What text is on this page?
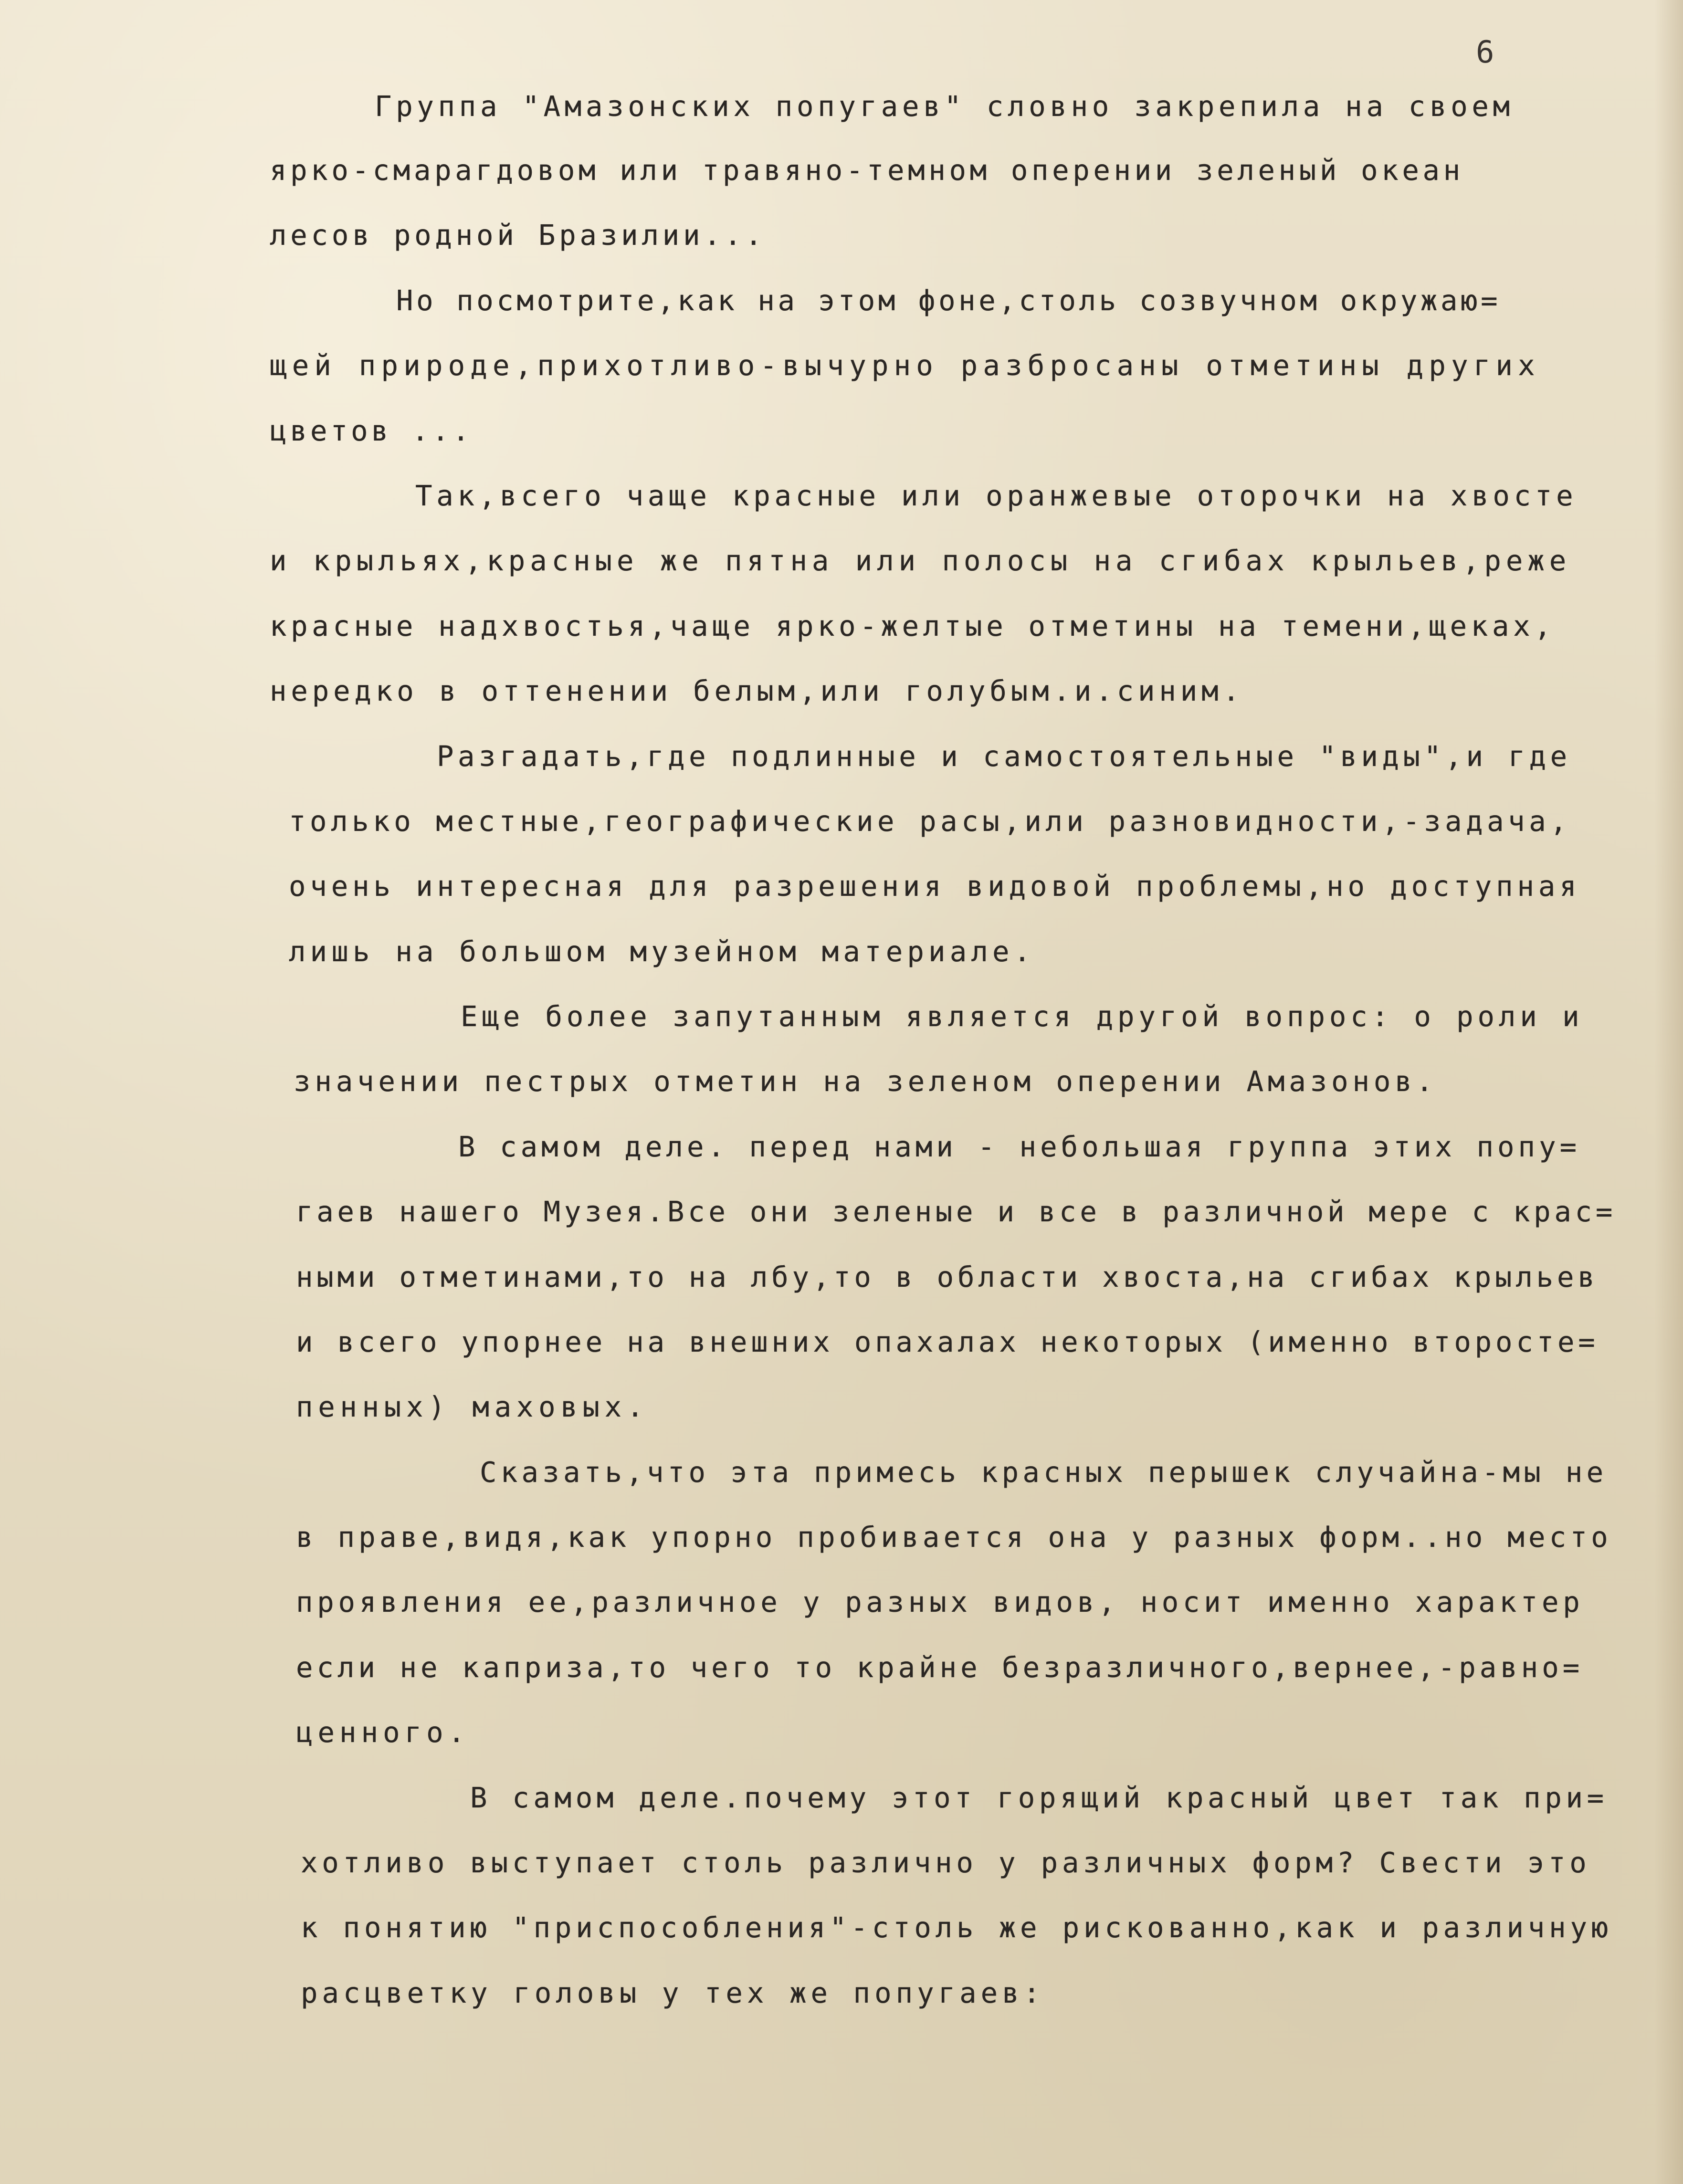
6
Группа "Амазонских попугаев" словно закрепила на своем
ярко-смарагдовом или травяно-темном оперении зеленый океан
лесов родной Бразилии...
Но посмотрите,как на этом фоне,столь созвучном окружаю=
щей природе,прихотливо-вычурно разбросаны отметины других
цветов ...
Так,всего чаще красные или оранжевые оторочки на хвосте
и крыльях,красные же пятна или полосы на сгибах крыльев,реже
красные надхвостья,чаще ярко-желтые отметины на темени,щеках,
нередко в оттенении белым,или голубым.и.синим.
Разгадать,где подлинные и самостоятельные "виды",и где
только местные,географические расы,или разновидности,-задача,
очень интересная для разрешения видовой проблемы,но доступная
лишь на большом музейном материале.
Еще более запутанным является другой вопрос: о роли и
значении пестрых отметин на зеленом оперении Амазонов.
В самом деле. перед нами - небольшая группа этих попу=
гаев нашего Музея.Все они зеленые и все в различной мере с крас=
ными отметинами,то на лбу,то в области хвоста,на сгибах крыльев
и всего упорнее на внешних опахалах некоторых (именно второсте=
пенных) маховых.
Сказать,что эта примесь красных перышек случайна-мы не
в праве,видя,как упорно пробивается она у разных форм..но место
проявления ее,различное у разных видов, носит именно характер
если не каприза,то чего то крайне безразличного,вернее,-равно=
ценного.
В самом деле.почему этот горящий красный цвет так при=
хотливо выступает столь различно у различных форм? Свести это
к понятию "приспособления"-столь же рискованно,как и различную
расцветку головы у тех же попугаев:
